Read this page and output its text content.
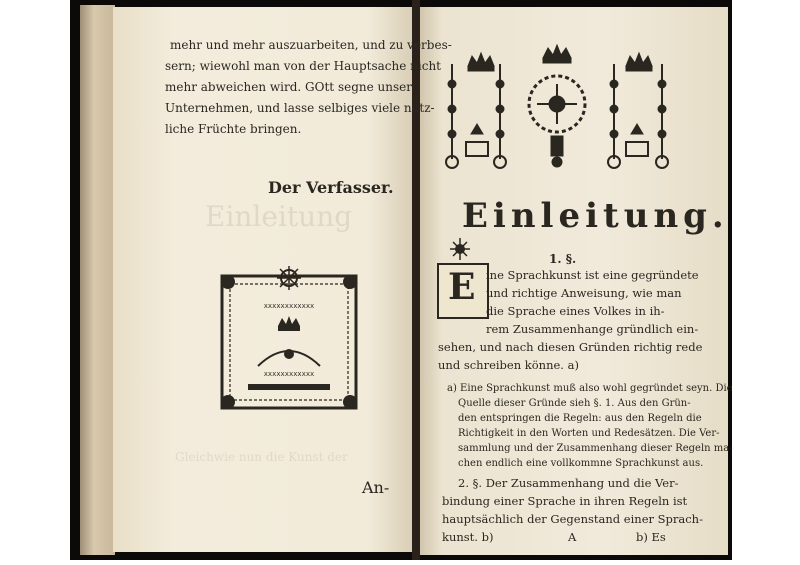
Einleitung
Gleichwie nun die Kunst der
mehr und mehr auszuarbeiten, und zu verbes-
sern; wiewohl man von der Hauptsache nicht
mehr abweichen wird. GOtt segne unser
Unternehmen, und lasse selbiges viele nütz-
liche Früchte bringen.
Der Verfasser.
xxxxxxxxxxxx
xxxxxxxxxxxx
An-
Einleitung.
1. §.
E ine Sprachkunst ist eine gegründete
und richtige Anweisung, wie man
die Sprache eines Volkes in ih-
rem Zusammenhange gründlich ein-
sehen, und nach diesen Gründen richtig rede
und schreiben könne. a)
a) Eine Sprachkunst muß also wohl gegründet seyn. Die
Quelle dieser Gründe sieh §. 1. Aus den Grün-
den entspringen die Regeln: aus den Regeln die
Richtigkeit in den Worten und Redesätzen. Die Ver-
sammlung und der Zusammenhang dieser Regeln ma-
chen endlich eine vollkommne Sprachkunst aus.
2. §. Der Zusammenhang und die Ver-
bindung einer Sprache in ihren Regeln ist
hauptsächlich der Gegenstand einer Sprach-
kunst. b)	A	b) Es
